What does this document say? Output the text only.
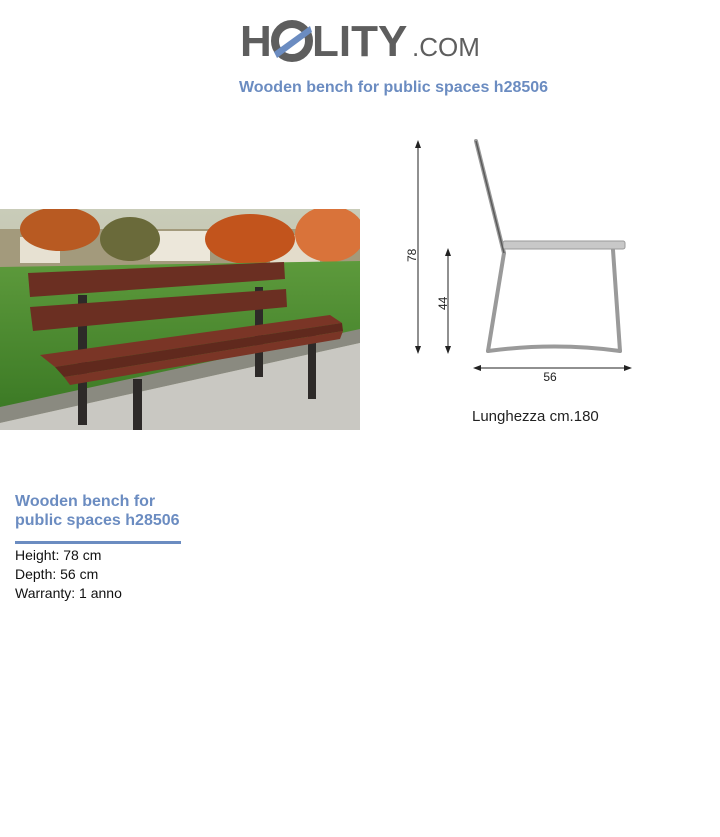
H LITY .COM
Wooden bench for public spaces h28506
78
44
56
Lunghezza cm.180
Wooden bench for public spaces h28506
Height: 78 cm
Depth: 56 cm
Warranty: 1 anno
